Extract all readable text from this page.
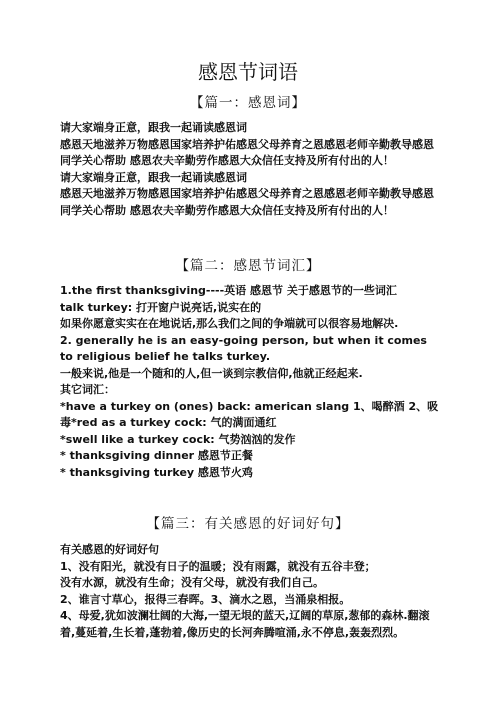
感恩节词语
【篇一：感恩词】

请大家端身正意，跟我一起诵读感恩词

感恩天地滋养万物感恩国家培养护佑感恩父母养育之恩感恩老师辛勤教导感恩同学关心帮助 感恩农夫辛勤劳作感恩大众信任支持及所有付出的人！

请大家端身正意，跟我一起诵读感恩词

感恩天地滋养万物感恩国家培养护佑感恩父母养育之恩感恩老师辛勤教导感恩同学关心帮助 感恩农夫辛勤劳作感恩大众信任支持及所有付出的人！

【篇二：感恩节词汇】

1.the first thanksgiving----英语 感恩节 关于感恩节的一些词汇

talk turkey: 打开窗户说亮话,说实在的

如果你愿意实实在在地说话,那么我们之间的争端就可以很容易地解决.

2. generally he is an easy-going person, but when it comes to religious belief he talks turkey.

一般来说,他是一个随和的人,但一谈到宗教信仰,他就正经起来.

其它词汇：

*have a turkey on (ones) back: american slang 1、喝醉酒 2、吸毒*red as a turkey cock: 气的满面通红

*swell like a turkey cock: 气势汹汹的发作

* thanksgiving dinner 感恩节正餐

* thanksgiving turkey 感恩节火鸡

【篇三：有关感恩的好词好句】

有关感恩的好词好句

1、没有阳光，就没有日子的温暖；没有雨露，就没有五谷丰登；

没有水源，就没有生命；没有父母，就没有我们自己。

2、谁言寸草心，报得三春晖。3、滴水之恩，当涌泉相报。

4、母爱,犹如波澜壮阔的大海,一望无垠的蓝天,辽阔的草原,葱郁的森林.翻滚着,蔓延着,生长着,蓬勃着,像历史的长河奔腾喧涌,永不停息,轰轰烈烈。
